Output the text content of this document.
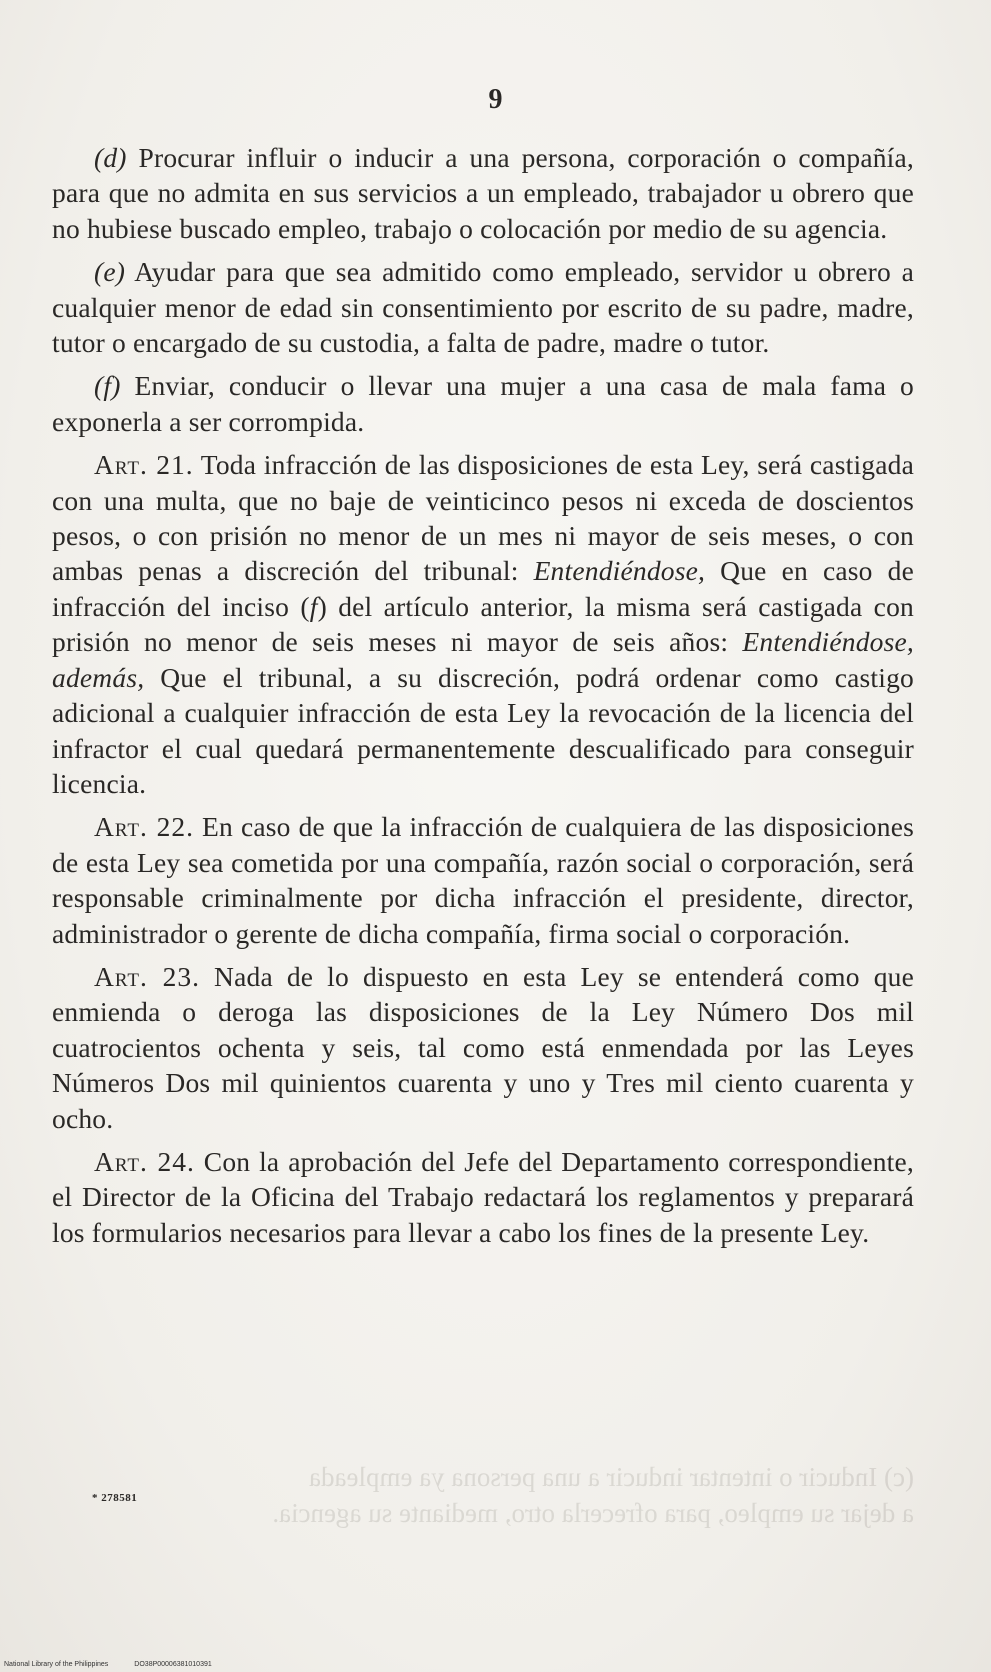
9

(d) Procurar influir o inducir a una persona, corporación o compañía, para que no admita en sus servicios a un empleado, trabajador u obrero que no hubiese buscado empleo, trabajo o colocación por medio de su agencia.

(e) Ayudar para que sea admitido como empleado, servidor u obrero a cualquier menor de edad sin consentimiento por escrito de su padre, madre, tutor o encargado de su custodia, a falta de padre, madre o tutor.

(f) Enviar, conducir o llevar una mujer a una casa de mala fama o exponerla a ser corrompida.

Art. 21. Toda infracción de las disposiciones de esta Ley, será castigada con una multa, que no baje de veinticinco pesos ni exceda de doscientos pesos, o con prisión no menor de un mes ni mayor de seis meses, o con ambas penas a discreción del tribunal: Entendiéndose, Que en caso de infracción del inciso (f) del artículo anterior, la misma será castigada con prisión no menor de seis meses ni mayor de seis años: Entendiéndose, además, Que el tribunal, a su discreción, podrá ordenar como castigo adicional a cualquier infracción de esta Ley la revocación de la licencia del infractor el cual quedará permanentemente descualificado para conseguir licencia.

Art. 22. En caso de que la infracción de cualquiera de las disposiciones de esta Ley sea cometida por una compañía, razón social o corporación, será responsable criminalmente por dicha infracción el presidente, director, administrador o gerente de dicha compañía, firma social o corporación.

Art. 23. Nada de lo dispuesto en esta Ley se entenderá como que enmienda o deroga las disposiciones de la Ley Número Dos mil cuatrocientos ochenta y seis, tal como está enmendada por las Leyes Números Dos mil quinientos cuarenta y uno y Tres mil ciento cuarenta y ocho.

Art. 24. Con la aprobación del Jefe del Departamento correspondiente, el Director de la Oficina del Trabajo redactará los reglamentos y preparará los formularios necesarios para llevar a cabo los fines de la presente Ley.

* 278581
(c) Inducir o intentar inducir a una persona ya empleada
a dejar su empleo, para ofrecerla otro, mediante su agencia.
National Library of the Philippines	DO38P00006381010391
